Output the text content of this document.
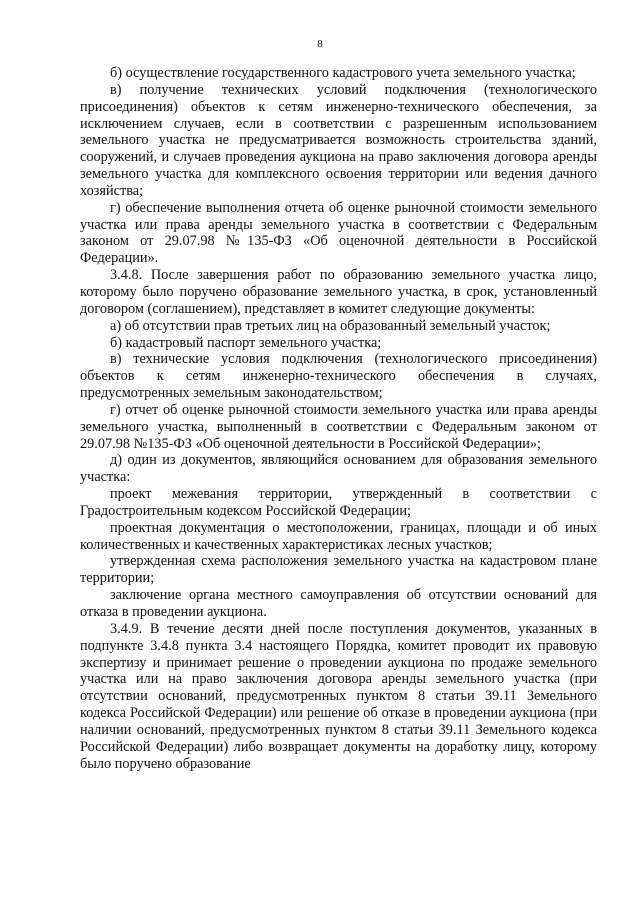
8

б) осуществление государственного кадастрового учета земельного участка;

в) получение технических условий подключения (технологического присоединения) объектов к сетям инженерно-технического обеспечения, за исключением случаев, если в соответствии с разрешенным использованием земельного участка не предусматривается возможность строительства зданий, сооружений, и случаев проведения аукциона на право заключения договора аренды земельного участка для комплексного освоения территории или ведения дачного хозяйства;

г) обеспечение выполнения отчета об оценке рыночной стоимости земельного участка или права аренды земельного участка в соответствии с Федеральным законом от 29.07.98 №135-ФЗ «Об оценочной деятельности в Российской Федерации».

3.4.8. После завершения работ по образованию земельного участка лицо, которому было поручено образование земельного участка, в срок, установленный договором (соглашением), представляет в комитет следующие документы:

а) об отсутствии прав третьих лиц на образованный земельный участок;

б) кадастровый паспорт земельного участка;

в) технические условия подключения (технологического присоединения) объектов к сетям инженерно-технического обеспечения в случаях, предусмотренных земельным законодательством;

г) отчет об оценке рыночной стоимости земельного участка или права аренды земельного участка, выполненный в соответствии с Федеральным законом от 29.07.98 №135-ФЗ «Об оценочной деятельности в Российской Федерации»;

д) один из документов, являющийся основанием для образования земельного участка:

проект межевания территории, утвержденный в соответствии с Градостроительным кодексом Российской Федерации;

проектная документация о местоположении, границах, площади и об иных количественных и качественных характеристиках лесных участков;

утвержденная схема расположения земельного участка на кадастровом плане территории;

заключение органа местного самоуправления об отсутствии оснований для отказа в проведении аукциона.

3.4.9. В течение десяти дней после поступления документов, указанных в подпункте 3.4.8 пункта 3.4 настоящего Порядка, комитет проводит их правовую экспертизу и принимает решение о проведении аукциона по продаже земельного участка или на право заключения договора аренды земельного участка (при отсутствии оснований, предусмотренных пунктом 8 статьи 39.11 Земельного кодекса Российской Федерации) или решение об отказе в проведении аукциона (при наличии оснований, предусмотренных пунктом 8 статьи 39.11 Земельного кодекса Российской Федерации) либо возвращает документы на доработку лицу, которому было поручено образование
